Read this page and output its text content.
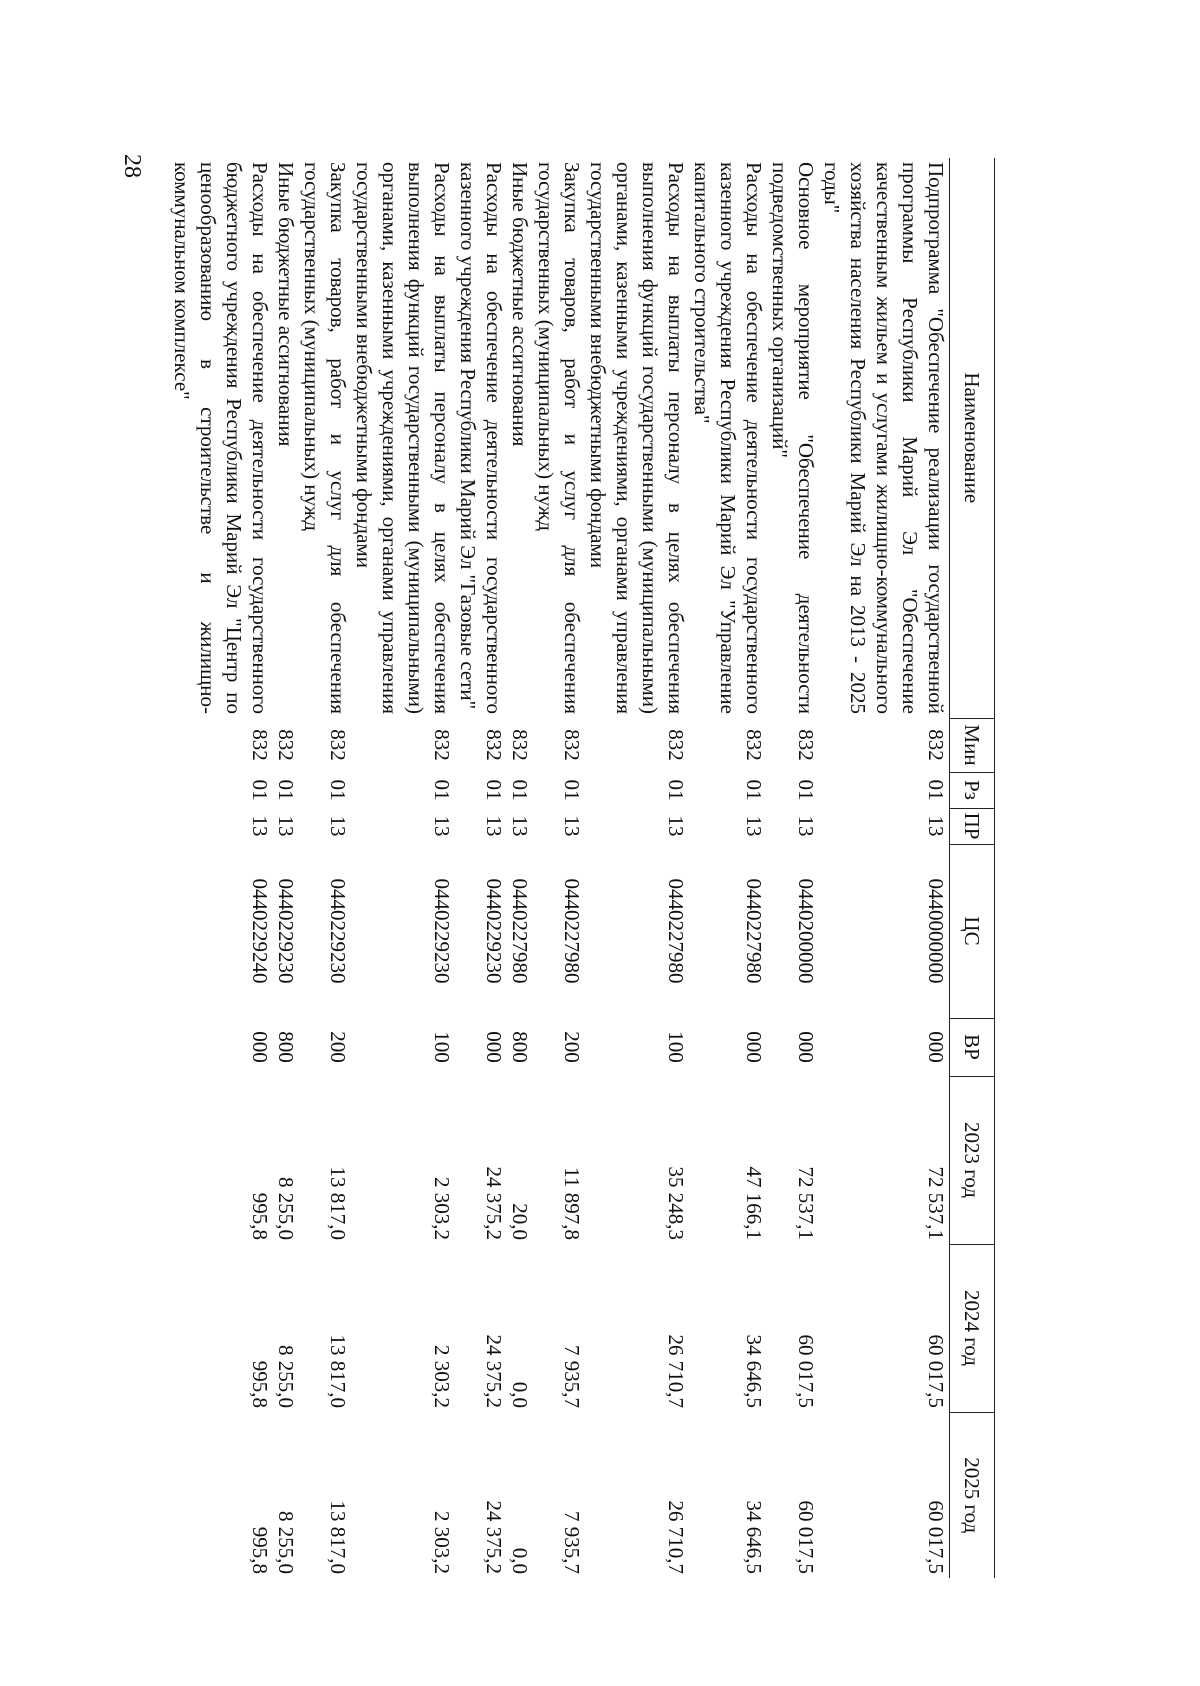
28
Наименование	Мин	Рз	ПР	ЦС	ВР	2023 год	2024 год	2025 год
Подпрограмма "Обеспечение реализации государственной программы Республики Марий Эл "Обеспечение качественным жильем и услугами жилищно-коммунального хозяйства населения Республики Марий Эл на 2013 - 2025 годы"	832	01	13	0440000000	000	72 537,1	60 017,5	60 017,5
Основное мероприятие "Обеспечение деятельности подведомственных организаций"	832	01	13	0440200000	000	72 537,1	60 017,5	60 017,5
Расходы на обеспечение деятельности государственного казенного учреждения Республики Марий Эл "Управление капитального строительства"	832	01	13	0440227980	000	47 166,1	34 646,5	34 646,5
Расходы на выплаты персоналу в целях обеспечения выполнения функций государственными (муниципальными) органами, казенными учреждениями, органами управления государственными внебюджетными фондами	832	01	13	0440227980	100	35 248,3	26 710,7	26 710,7
Закупка товаров, работ и услуг для обеспечения государственных (муниципальных) нужд	832	01	13	0440227980	200	11 897,8	7 935,7	7 935,7
Иные бюджетные ассигнования	832	01	13	0440227980	800	20,0	0,0	0,0
Расходы на обеспечение деятельности государственного казенного учреждения Республики Марий Эл "Газовые сети"	832	01	13	0440229230	000	24 375,2	24 375,2	24 375,2
Расходы на выплаты персоналу в целях обеспечения выполнения функций государственными (муниципальными) органами, казенными учреждениями, органами управления государственными внебюджетными фондами	832	01	13	0440229230	100	2 303,2	2 303,2	2 303,2
Закупка товаров, работ и услуг для обеспечения государственных (муниципальных) нужд	832	01	13	0440229230	200	13 817,0	13 817,0	13 817,0
Иные бюджетные ассигнования	832	01	13	0440229230	800	8 255,0	8 255,0	8 255,0
Расходы на обеспечение деятельности государственного бюджетного учреждения Республики Марий Эл "Центр по ценообразованию в строительстве и жилищно-коммунальном комплексе"	832	01	13	0440229240	000	995,8	995,8	995,8
